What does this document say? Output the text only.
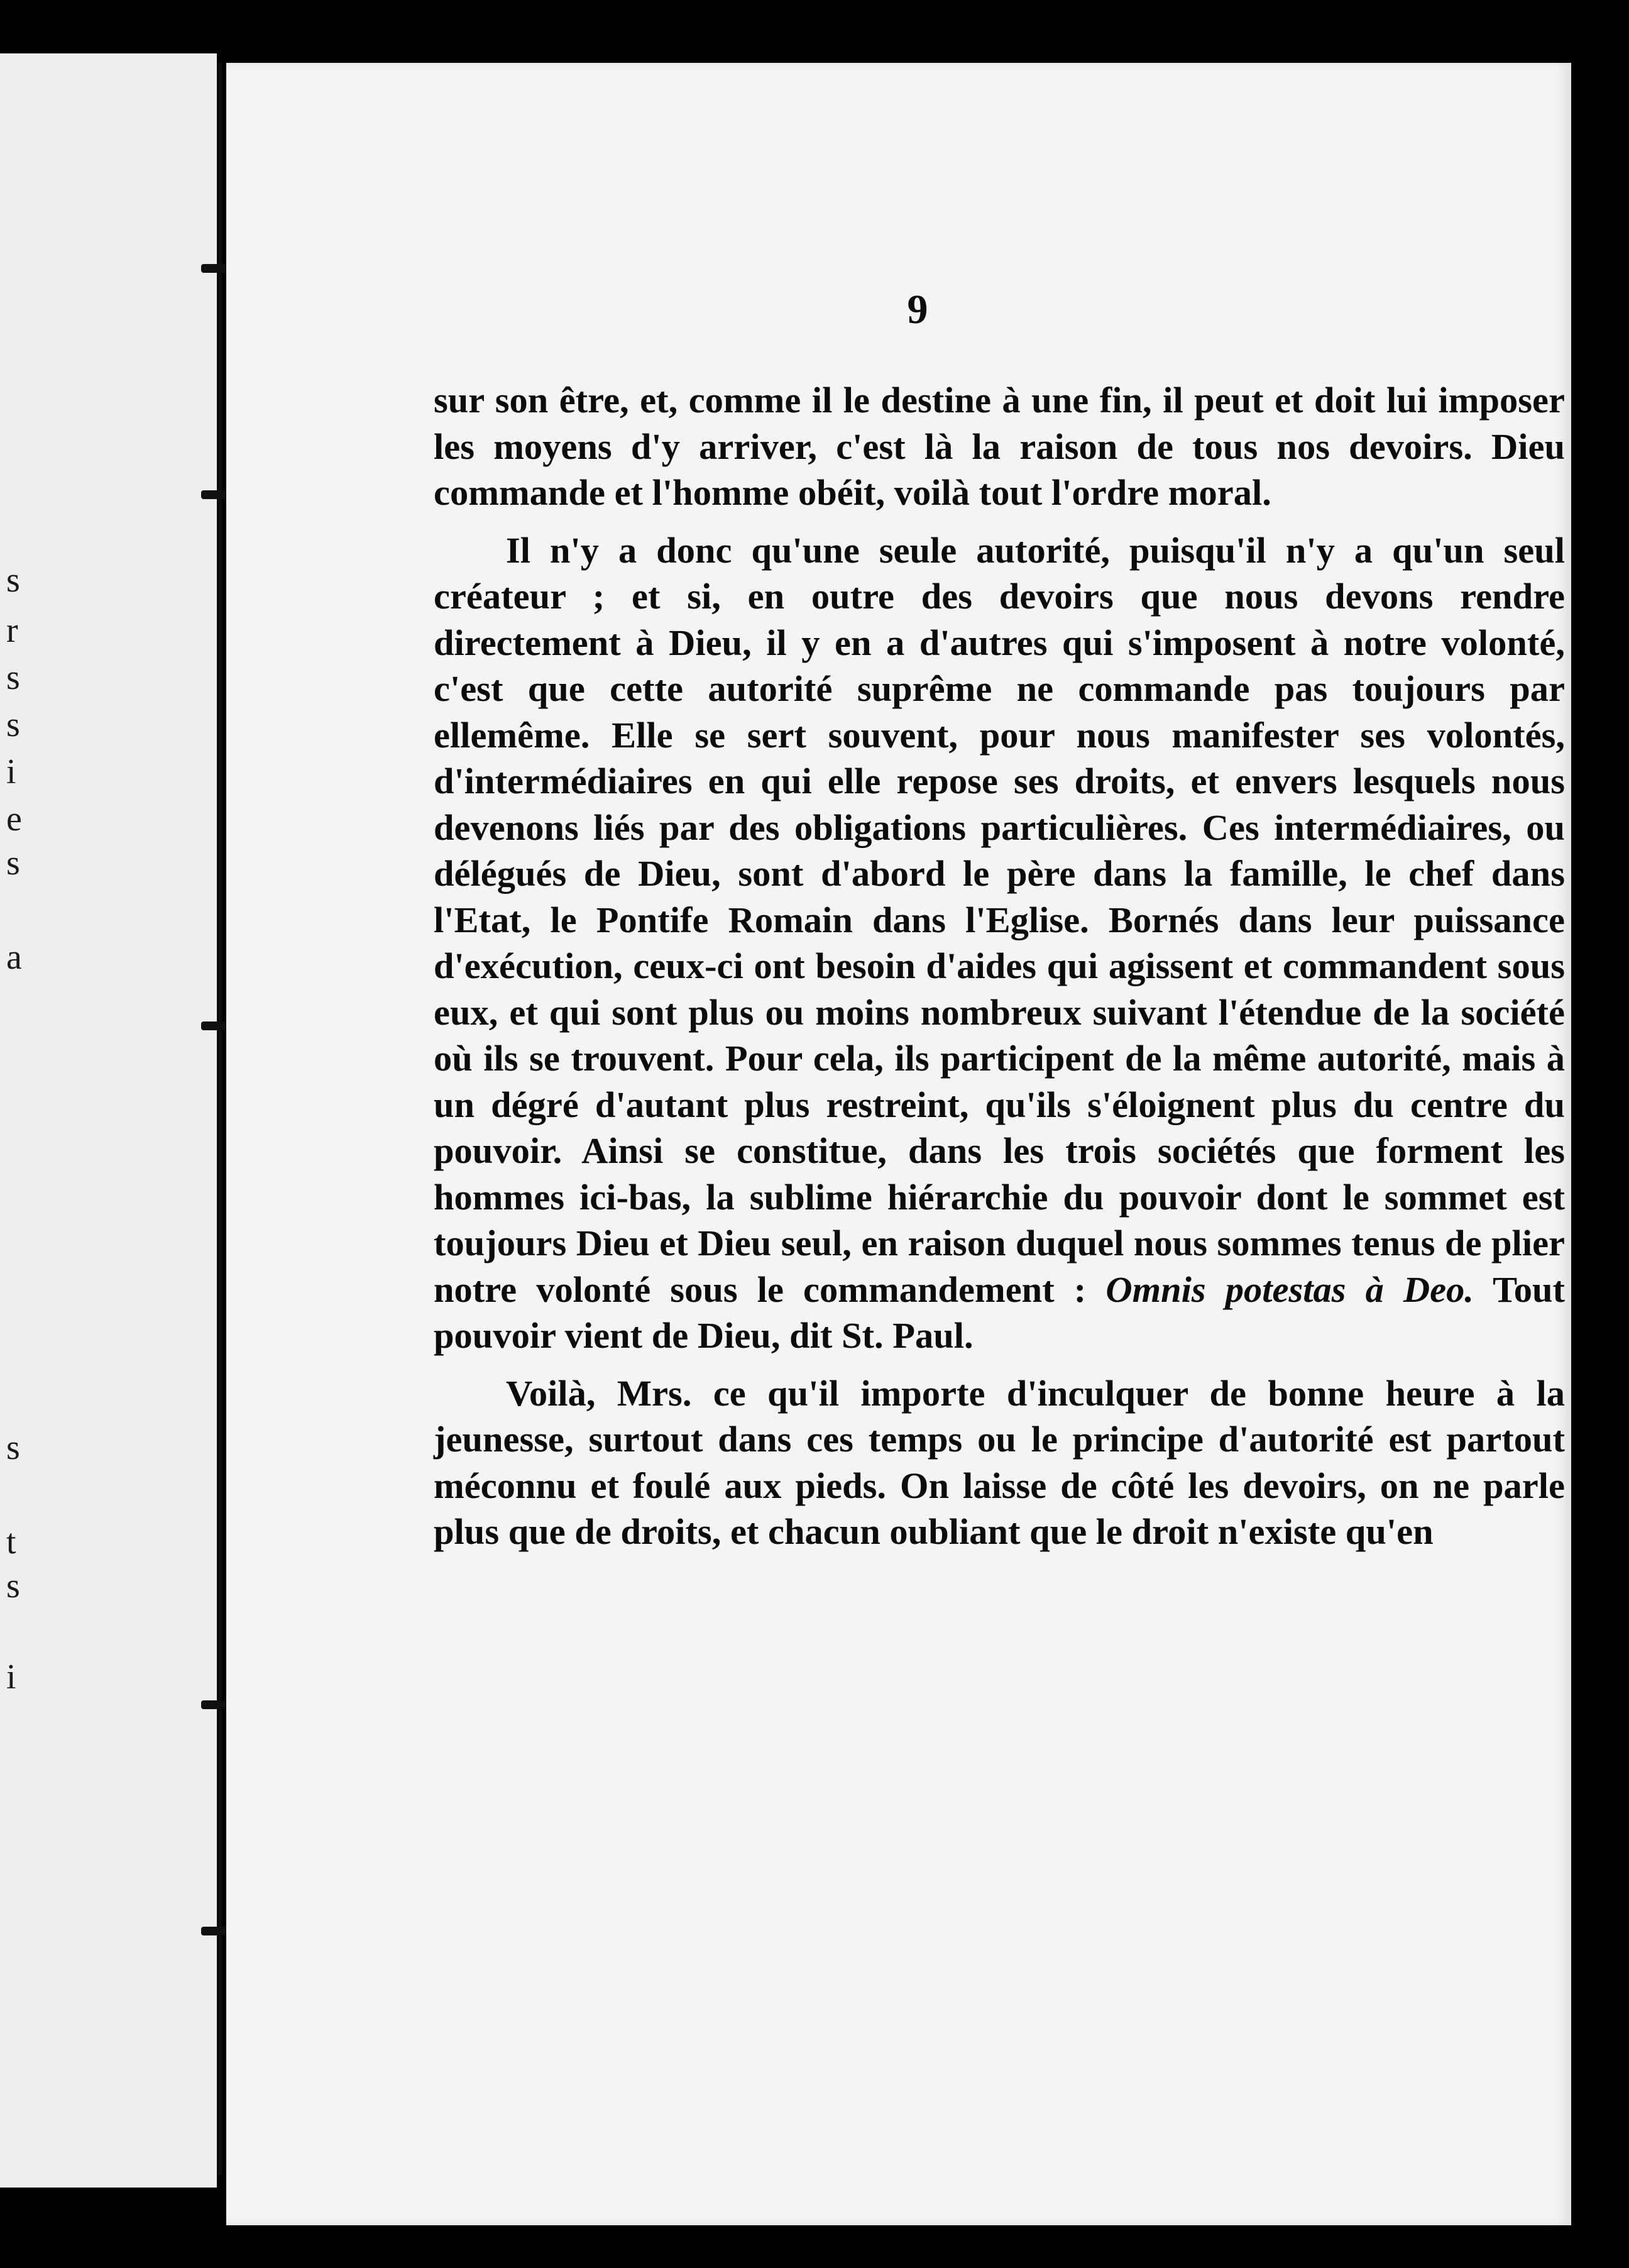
s
r
s
s
i
e
s
a
s
t
s
i
9

sur son être, et, comme il le destine à une fin, il peut et doit lui imposer les moyens d'y arriver, c'est là la raison de tous nos devoirs. Dieu commande et l'homme obéit, voilà tout l'ordre moral.

Il n'y a donc qu'une seule autorité, puisqu'il n'y a qu'un seul créateur ; et si, en outre des devoirs que nous devons rendre directement à Dieu, il y en a d'autres qui s'imposent à notre volonté, c'est que cette autorité suprême ne commande pas toujours par ellemême. Elle se sert souvent, pour nous manifester ses volontés, d'intermédiaires en qui elle repose ses droits, et envers lesquels nous devenons liés par des obligations particulières. Ces intermédiaires, ou délégués de Dieu, sont d'abord le père dans la famille, le chef dans l'Etat, le Pontife Romain dans l'Eglise. Bornés dans leur puissance d'exécution, ceux-ci ont besoin d'aides qui agissent et commandent sous eux, et qui sont plus ou moins nombreux suivant l'étendue de la société où ils se trouvent. Pour cela, ils participent de la même autorité, mais à un dégré d'autant plus restreint, qu'ils s'éloignent plus du centre du pouvoir. Ainsi se constitue, dans les trois sociétés que forment les hommes ici-bas, la sublime hiérarchie du pouvoir dont le sommet est toujours Dieu et Dieu seul, en raison duquel nous sommes tenus de plier notre volonté sous le commandement : Omnis potestas à Deo. Tout pouvoir vient de Dieu, dit St. Paul.

Voilà, Mrs. ce qu'il importe d'inculquer de bonne heure à la jeunesse, surtout dans ces temps ou le principe d'autorité est partout méconnu et foulé aux pieds. On laisse de côté les devoirs, on ne parle plus que de droits, et chacun oubliant que le droit n'existe qu'en
